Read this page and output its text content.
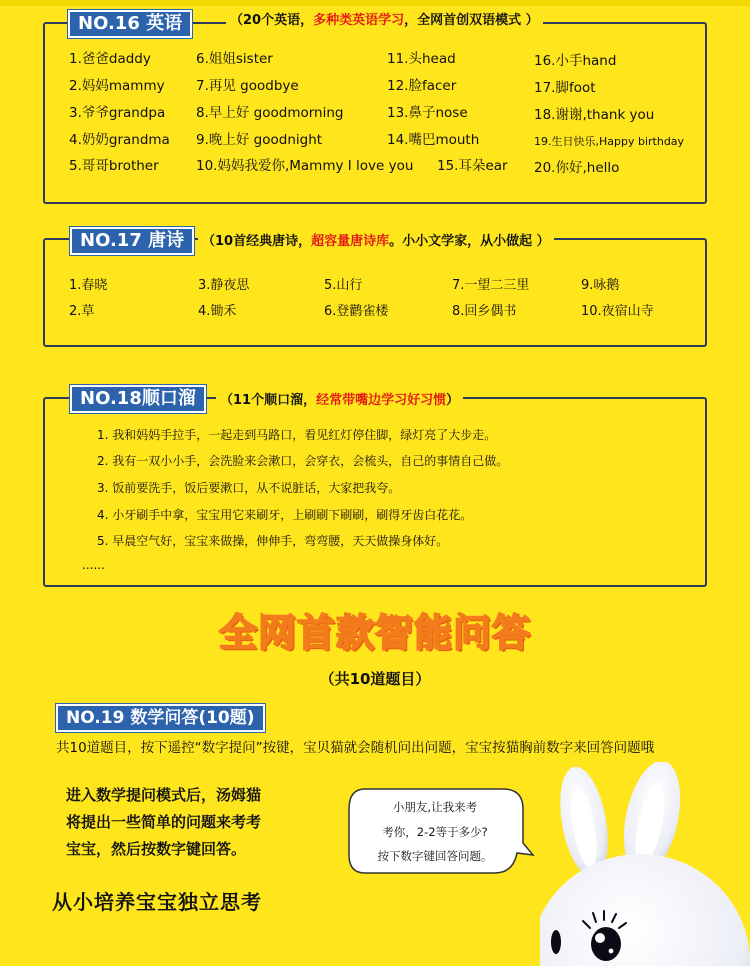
NO.16 英语	（20个英语，多种类英语学习，全网首创双语模式 ）
1.爸爸daddy	6.姐姐sister	11.头head	16.小手hand
2.妈妈mammy 7.再见 goodbye	12.脸facer	17.脚foot
3.爷爷grandpa 8.早上好 goodmorning	13.鼻子nose	18.谢谢,thank you
4.奶奶grandma 9.晚上好 goodnight	14.嘴巴mouth	19.生日快乐,Happy birthday
5.哥哥brother	10.妈妈我爱你,Mammy I love you 15.耳朵ear 20.你好,hello
NO.17 唐诗	（10首经典唐诗，超容量唐诗库。小小文学家，从小做起 ）
1.春晓	3.静夜思	5.山行	7.一望二三里	9.咏鹅
2.草	4.锄禾	6.登鹳雀楼	8.回乡偶书	10.夜宿山寺
NO.18顺口溜	（11个顺口溜，经常带嘴边学习好习惯）
1. 我和妈妈手拉手，一起走到马路口，看见红灯停住脚，绿灯亮了大步走。
2. 我有一双小小手，会洗脸来会漱口，会穿衣，会梳头，自己的事情自己做。
3. 饭前要洗手，饭后要漱口，从不说脏话，大家把我夸。
4. 小牙刷手中拿，宝宝用它来刷牙，上刷刷下刷刷，刷得牙齿白花花。
5. 早晨空气好，宝宝来做操，伸伸手，弯弯腰，天天做操身体好。
......
全网首款智能问答
（共10道题目）
NO.19 数学问答(10题)
共10道题目，按下遥控“数字提问”按键，宝贝猫就会随机问出问题，宝宝按猫胸前数字来回答问题哦
进入数学提问模式后，汤姆猫
将提出一些简单的问题来考考
宝宝，然后按数字键回答。
从小培养宝宝独立思考
小朋友,让我来考
考你，2-2等于多少?
按下数字键回答问题。
